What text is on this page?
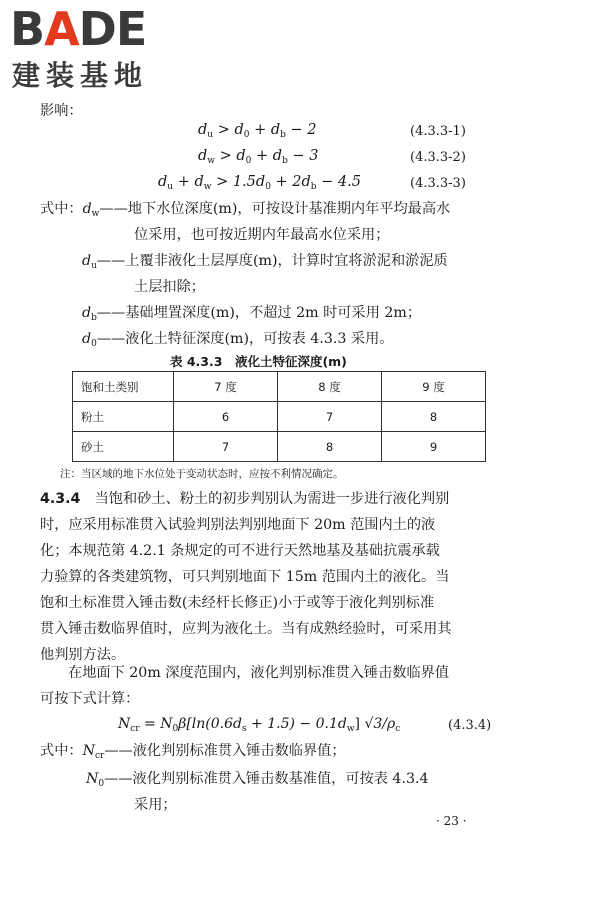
BADE
建装基地
影响：
$d_u > d_0 + d_b - 2$	(4.3.3-1)
$d_w > d_0 + d_b - 3$	(4.3.3-2)
$d_u + d_w > 1.5d_0 + 2d_b - 4.5$	(4.3.3-3)
式中：$d_w——$地下水位深度(m)，可按设计基准期内年平均最高水
位采用，也可按近期内年最高水位采用；
$d_u——$上覆非液化土层厚度(m)，计算时宜将淤泥和淤泥质
土层扣除；
$d_b——$基础埋置深度(m)，不超过 2m 时可采用 2m；
$d_0——$液化土特征深度(m)，可按表 4.3.3 采用。
表 4.3.3　液化土特征深度(m)
饱和土类别	7 度	8 度	9 度
粉土	6	7	8
砂土	7	8	9
注：当区域的地下水位处于变动状态时，应按不利情况确定。
4.3.4　 当饱和砂土、粉土的初步判别认为需进一步进行液化判别
时，应采用标准贯入试验判别法判别地面下 20m 范围内土的液
化；本规范第 4.2.1 条规定的可不进行天然地基及基础抗震承载
力验算的各类建筑物，可只判别地面下 15m 范围内土的液化。当
饱和土标准贯入锤击数(未经杆长修正)小于或等于液化判别标准
贯入锤击数临界值时，应判为液化土。当有成熟经验时，可采用其
他判别方法。
在地面下 20m 深度范围内，液化判别标准贯入锤击数临界值
可按下式计算：
$N_{cr} = N_0\beta[\ln(0.6d_s + 1.5) - 0.1d_w]$ $√3/\rho_c$	(4.3.4)
式中：$N_{cr}——$液化判别标准贯入锤击数临界值；
$N_0——$液化判别标准贯入锤击数基准值，可按表 4.3.4
采用；
· 23 ·
